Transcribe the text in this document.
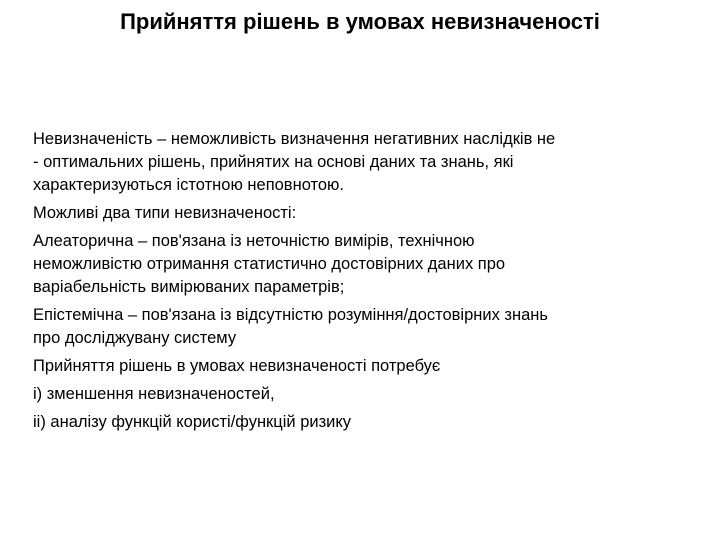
Прийняття рішень в умовах невизначеності

Невизначеність – неможливість визначення негативних наслідків не
- оптимальних рішень, прийнятих на основі даних та знань, які
характеризуються істотною неповнотою.

Можливі два типи невизначеності:

Алеаторична – пов'язана із неточністю вимірів, технічною
неможливістю отримання статистично достовірних даних про
варіабельність вимірюваних параметрів;

Епістемічна – пов'язана із відсутністю розуміння/достовірних знань
про досліджувану систему

Прийняття рішень в умовах невизначеності потребує

і) зменшення невизначеностей,

іі) аналізу функцій користі/функцій ризику
